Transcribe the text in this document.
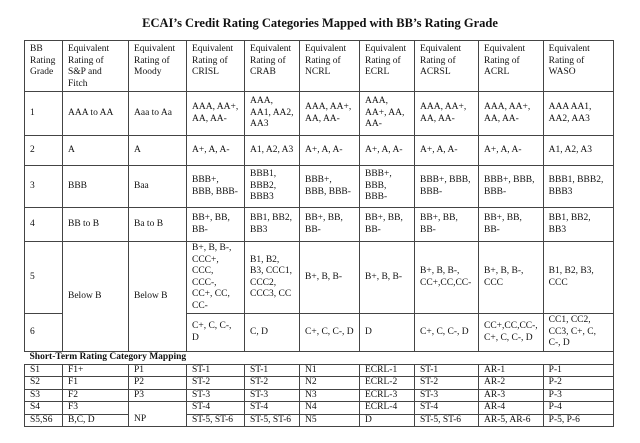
ECAI’s Credit Rating Categories Mapped with BB’s Rating Grade
BB Rating Grade	Equivalent Rating of S&P and Fitch	Equivalent Rating of Moody	Equivalent Rating of CRISL	Equivalent Rating of CRAB	Equivalent Rating of NCRL	Equivalent Rating of ECRL	Equivalent Rating of ACRSL	Equivalent Rating of ACRL	Equivalent Rating of WASO
1	AAA to AA	Aaa to Aa	AAA, AA+, AA, AA-	AAA, AA1, AA2, AA3	AAA, AA+, AA, AA-	AAA, AA+, AA, AA-	AAA, AA+, AA, AA-	AAA, AA+, AA, AA-	AAA AA1, AA2, AA3
2	A	A	A+, A, A-	A1, A2, A3	A+, A, A-	A+, A, A-	A+, A, A-	A+, A, A-	A1, A2, A3
3	BBB	Baa	BBB+, BBB, BBB-	BBB1, BBB2, BBB3	BBB+, BBB, BBB-	BBB+, BBB, BBB-	BBB+, BBB, BBB-	BBB+, BBB, BBB-	BBB1, BBB2, BBB3
4	BB to B	Ba to B	BB+, BB, BB-	BB1, BB2, BB3	BB+, BB, BB-	BB+, BB, BB-	BB+, BB, BB-	BB+, BB, BB-	BB1, BB2, BB3
5	Below B	Below B	B+, B, B-, CCC+, CCC, CCC-, CC+, CC, CC-	B1, B2, B3, CCC1, CCC2, CCC3, CC	B+, B, B-	B+, B, B-	B+, B, B-, CC+,CC,CC-	B+, B, B-, CCC	B1, B2, B3, CCC
6			C+, C, C-, D	C, D	C+, C, C-, D	D	C+, C, C-, D	CC+,CC,CC-, C+, C, C-, D	CC1, CC2, CC3, C+, C, C-, D
Short-Term Rating Category Mapping									
S1	F1+	P1	ST-1	ST-1	N1	ECRL-1	ST-1	AR-1	P-1
S2	F1	P2	ST-2	ST-2	N2	ECRL-2	ST-2	AR-2	P-2
S3	F2	P3	ST-3	ST-3	N3	ECRL-3	ST-3	AR-3	P-3
S4	F3		ST-4	ST-4	N4	ECRL-4	ST-4	AR-4	P-4
S5,S6	B,C, D	NP	ST-5, ST-6	ST-5, ST-6	N5	D	ST-5, ST-6	AR-5, AR-6	P-5, P-6
